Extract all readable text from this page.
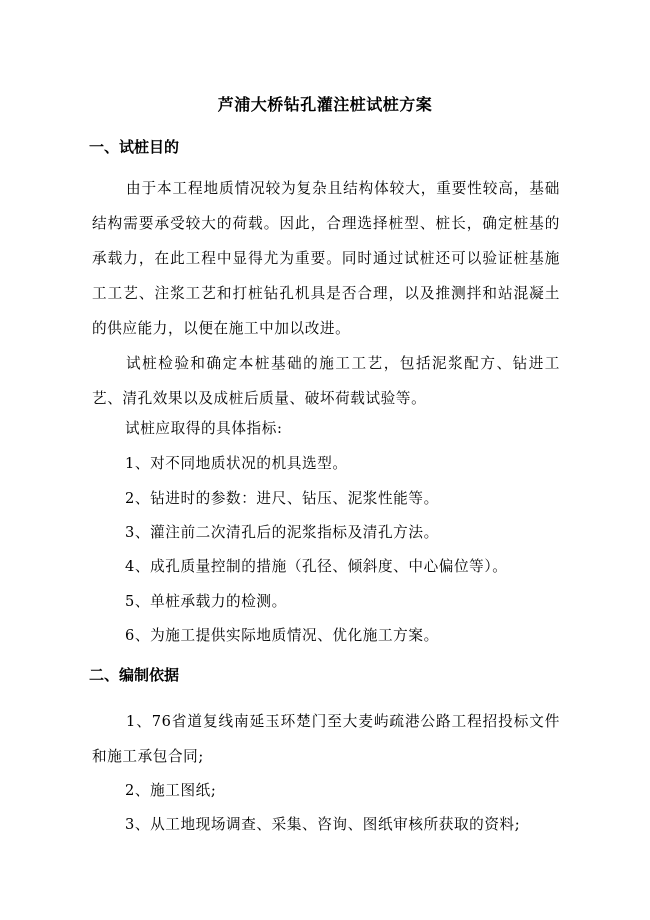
芦浦大桥钻孔灌注桩试桩方案
一、试桩目的
由于本工程地质情况较为复杂且结构体较大，重要性较高，基础结构需要承受较大的荷载。因此，合理选择桩型、桩长，确定桩基的承载力，在此工程中显得尤为重要。同时通过试桩还可以验证桩基施工工艺、注浆工艺和打桩钻孔机具是否合理，以及推测拌和站混凝土的供应能力，以便在施工中加以改进。
试桩检验和确定本桩基础的施工工艺，包括泥浆配方、钻进工艺、清孔效果以及成桩后质量、破坏荷载试验等。
试桩应取得的具体指标:
1、对不同地质状况的机具选型。
2、钻进时的参数：进尺、钻压、泥浆性能等。
3、灌注前二次清孔后的泥浆指标及清孔方法。
4、成孔质量控制的措施（孔径、倾斜度、中心偏位等）。
5、单桩承载力的检测。
6、为施工提供实际地质情况、优化施工方案。
二、编制依据
1、76省道复线南延玉环楚门至大麦屿疏港公路工程招投标文件和施工承包合同;
2、施工图纸;
3、从工地现场调查、采集、咨询、图纸审核所获取的资料;
